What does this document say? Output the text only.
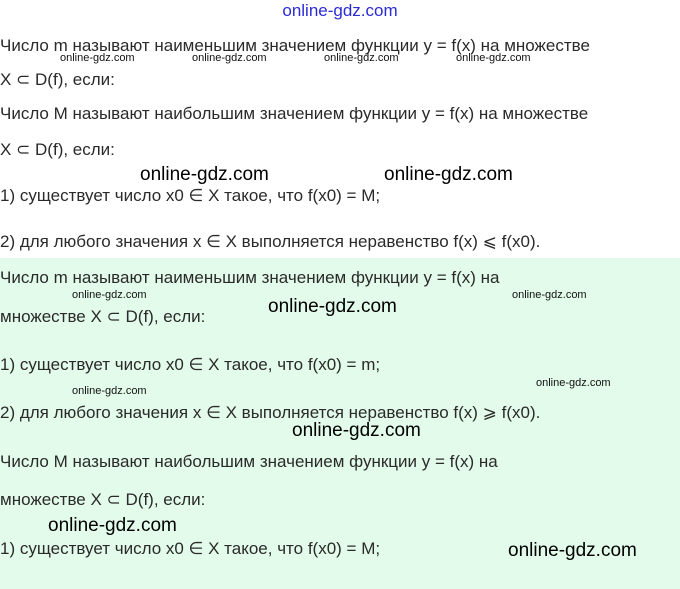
online-gdz.com
Число m называют наименьшим значением функции y = f(x) на множестве
X ⊂ D(f), если:
Число M называют наибольшим значением функции y = f(x) на множестве
X ⊂ D(f), если:
1) существует число x0 ∈ X такое, что f(x0) = M;
2) для любого значения x ∈ X выполняется неравенство f(x) ⩽ f(x0).
Число m называют наименьшим значением функции y = f(x) на
множестве X ⊂ D(f), если:
1) существует число x0 ∈ X такое, что f(x0) = m;
2) для любого значения x ∈ X выполняется неравенство f(x) ⩾ f(x0).
Число M называют наибольшим значением функции y = f(x) на
множестве X ⊂ D(f), если:
1) существует число x0 ∈ X такое, что f(x0) = M;
online-gdz.com	online-gdz.com	online-gdz.com	online-gdz.com
online-gdz.com	online-gdz.com
online-gdz.com
online-gdz.com
online-gdz.com
online-gdz.com
online-gdz.com
online-gdz.com
online-gdz.com
online-gdz.com
